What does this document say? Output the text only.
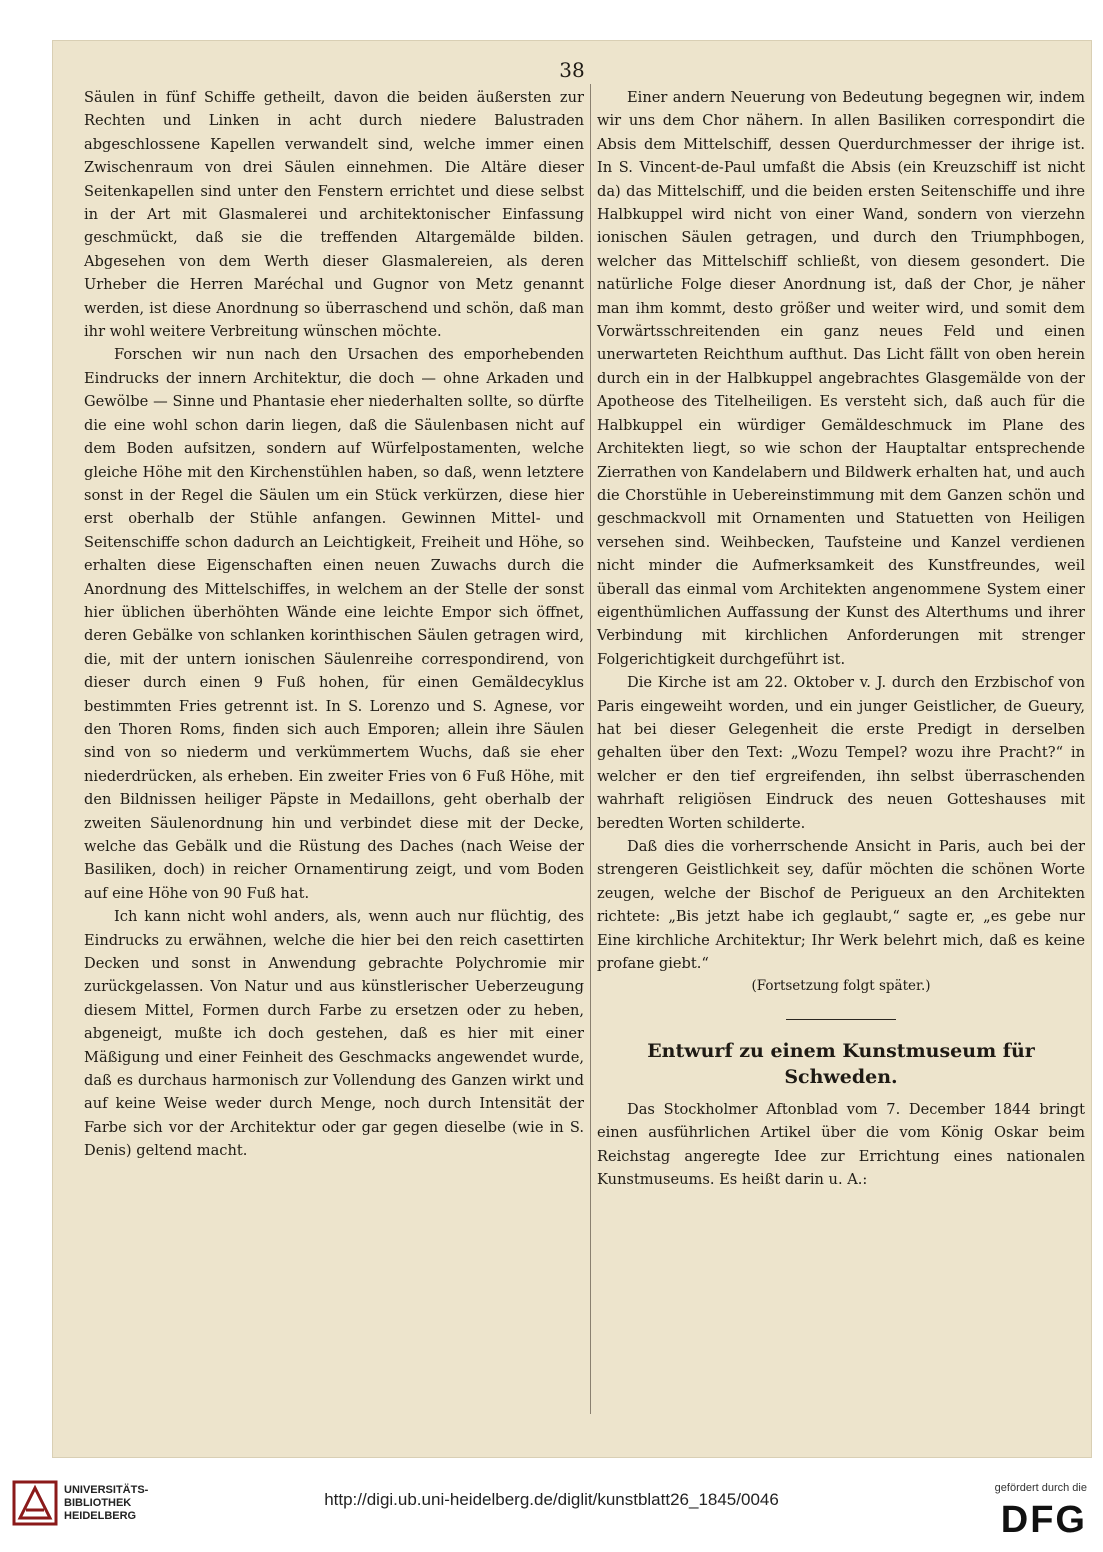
38

Säulen in fünf Schiffe getheilt, davon die beiden äußersten zur Rechten und Linken in acht durch niedere Balustraden abgeschlossene Kapellen verwandelt sind, welche immer einen Zwischenraum von drei Säulen einnehmen. Die Altäre dieser Seitenkapellen sind unter den Fenstern errichtet und diese selbst in der Art mit Glasmalerei und architektonischer Einfassung geschmückt, daß sie die treffenden Altargemälde bilden. Abgesehen von dem Werth dieser Glasmalereien, als deren Urheber die Herren Maréchal und Gugnor von Metz genannt werden, ist diese Anordnung so überraschend und schön, daß man ihr wohl weitere Verbreitung wünschen möchte.

Forschen wir nun nach den Ursachen des emporhebenden Eindrucks der innern Architektur, die doch — ohne Arkaden und Gewölbe — Sinne und Phantasie eher niederhalten sollte, so dürfte die eine wohl schon darin liegen, daß die Säulenbasen nicht auf dem Boden aufsitzen, sondern auf Würfelpostamenten, welche gleiche Höhe mit den Kirchenstühlen haben, so daß, wenn letztere sonst in der Regel die Säulen um ein Stück verkürzen, diese hier erst oberhalb der Stühle anfangen. Gewinnen Mittel- und Seitenschiffe schon dadurch an Leichtigkeit, Freiheit und Höhe, so erhalten diese Eigenschaften einen neuen Zuwachs durch die Anordnung des Mittelschiffes, in welchem an der Stelle der sonst hier üblichen überhöhten Wände eine leichte Empor sich öffnet, deren Gebälke von schlanken korinthischen Säulen getragen wird, die, mit der untern ionischen Säulenreihe correspondirend, von dieser durch einen 9 Fuß hohen, für einen Gemäldecyklus bestimmten Fries getrennt ist. In S. Lorenzo und S. Agnese, vor den Thoren Roms, finden sich auch Emporen; allein ihre Säulen sind von so niederm und verkümmertem Wuchs, daß sie eher niederdrücken, als erheben. Ein zweiter Fries von 6 Fuß Höhe, mit den Bildnissen heiliger Päpste in Medaillons, geht oberhalb der zweiten Säulenordnung hin und verbindet diese mit der Decke, welche das Gebälk und die Rüstung des Daches (nach Weise der Basiliken, doch) in reicher Ornamentirung zeigt, und vom Boden auf eine Höhe von 90 Fuß hat.

Ich kann nicht wohl anders, als, wenn auch nur flüchtig, des Eindrucks zu erwähnen, welche die hier bei den reich casettirten Decken und sonst in Anwendung gebrachte Polychromie mir zurückgelassen. Von Natur und aus künstlerischer Ueberzeugung diesem Mittel, Formen durch Farbe zu ersetzen oder zu heben, abgeneigt, mußte ich doch gestehen, daß es hier mit einer Mäßigung und einer Feinheit des Geschmacks angewendet wurde, daß es durchaus harmonisch zur Vollendung des Ganzen wirkt und auf keine Weise weder durch Menge, noch durch Intensität der Farbe sich vor der Architektur oder gar gegen dieselbe (wie in S. Denis) geltend macht.

Einer andern Neuerung von Bedeutung begegnen wir, indem wir uns dem Chor nähern. In allen Basiliken correspondirt die Absis dem Mittelschiff, dessen Querdurchmesser der ihrige ist. In S. Vincent-de-Paul umfaßt die Absis (ein Kreuzschiff ist nicht da) das Mittelschiff, und die beiden ersten Seitenschiffe und ihre Halbkuppel wird nicht von einer Wand, sondern von vierzehn ionischen Säulen getragen, und durch den Triumphbogen, welcher das Mittelschiff schließt, von diesem gesondert. Die natürliche Folge dieser Anordnung ist, daß der Chor, je näher man ihm kommt, desto größer und weiter wird, und somit dem Vorwärtsschreitenden ein ganz neues Feld und einen unerwarteten Reichthum aufthut. Das Licht fällt von oben herein durch ein in der Halbkuppel angebrachtes Glasgemälde von der Apotheose des Titelheiligen. Es versteht sich, daß auch für die Halbkuppel ein würdiger Gemäldeschmuck im Plane des Architekten liegt, so wie schon der Hauptaltar entsprechende Zierrathen von Kandelabern und Bildwerk erhalten hat, und auch die Chorstühle in Uebereinstimmung mit dem Ganzen schön und geschmackvoll mit Ornamenten und Statuetten von Heiligen versehen sind. Weihbecken, Taufsteine und Kanzel verdienen nicht minder die Aufmerksamkeit des Kunstfreundes, weil überall das einmal vom Architekten angenommene System einer eigenthümlichen Auffassung der Kunst des Alterthums und ihrer Verbindung mit kirchlichen Anforderungen mit strenger Folgerichtigkeit durchgeführt ist.

Die Kirche ist am 22. Oktober v. J. durch den Erzbischof von Paris eingeweiht worden, und ein junger Geistlicher, de Gueury, hat bei dieser Gelegenheit die erste Predigt in derselben gehalten über den Text: „Wozu Tempel? wozu ihre Pracht?“ in welcher er den tief ergreifenden, ihn selbst überraschenden wahrhaft religiösen Eindruck des neuen Gotteshauses mit beredten Worten schilderte.

Daß dies die vorherrschende Ansicht in Paris, auch bei der strengeren Geistlichkeit sey, dafür möchten die schönen Worte zeugen, welche der Bischof de Perigueux an den Architekten richtete: „Bis jetzt habe ich geglaubt,“ sagte er, „es gebe nur Eine kirchliche Architektur; Ihr Werk belehrt mich, daß es keine profane giebt.“

(Fortsetzung folgt später.)

Entwurf zu einem Kunstmuseum für Schweden.

Das Stockholmer Aftonblad vom 7. December 1844 bringt einen ausführlichen Artikel über die vom König Oskar beim Reichstag angeregte Idee zur Errichtung eines nationalen Kunstmuseums. Es heißt darin u. A.:

UNIVERSITÄTS-
BIBLIOTHEK
HEIDELBERG
http://digi.ub.uni-heidelberg.de/diglit/kunstblatt26_1845/0046
gefördert durch die
DFG
